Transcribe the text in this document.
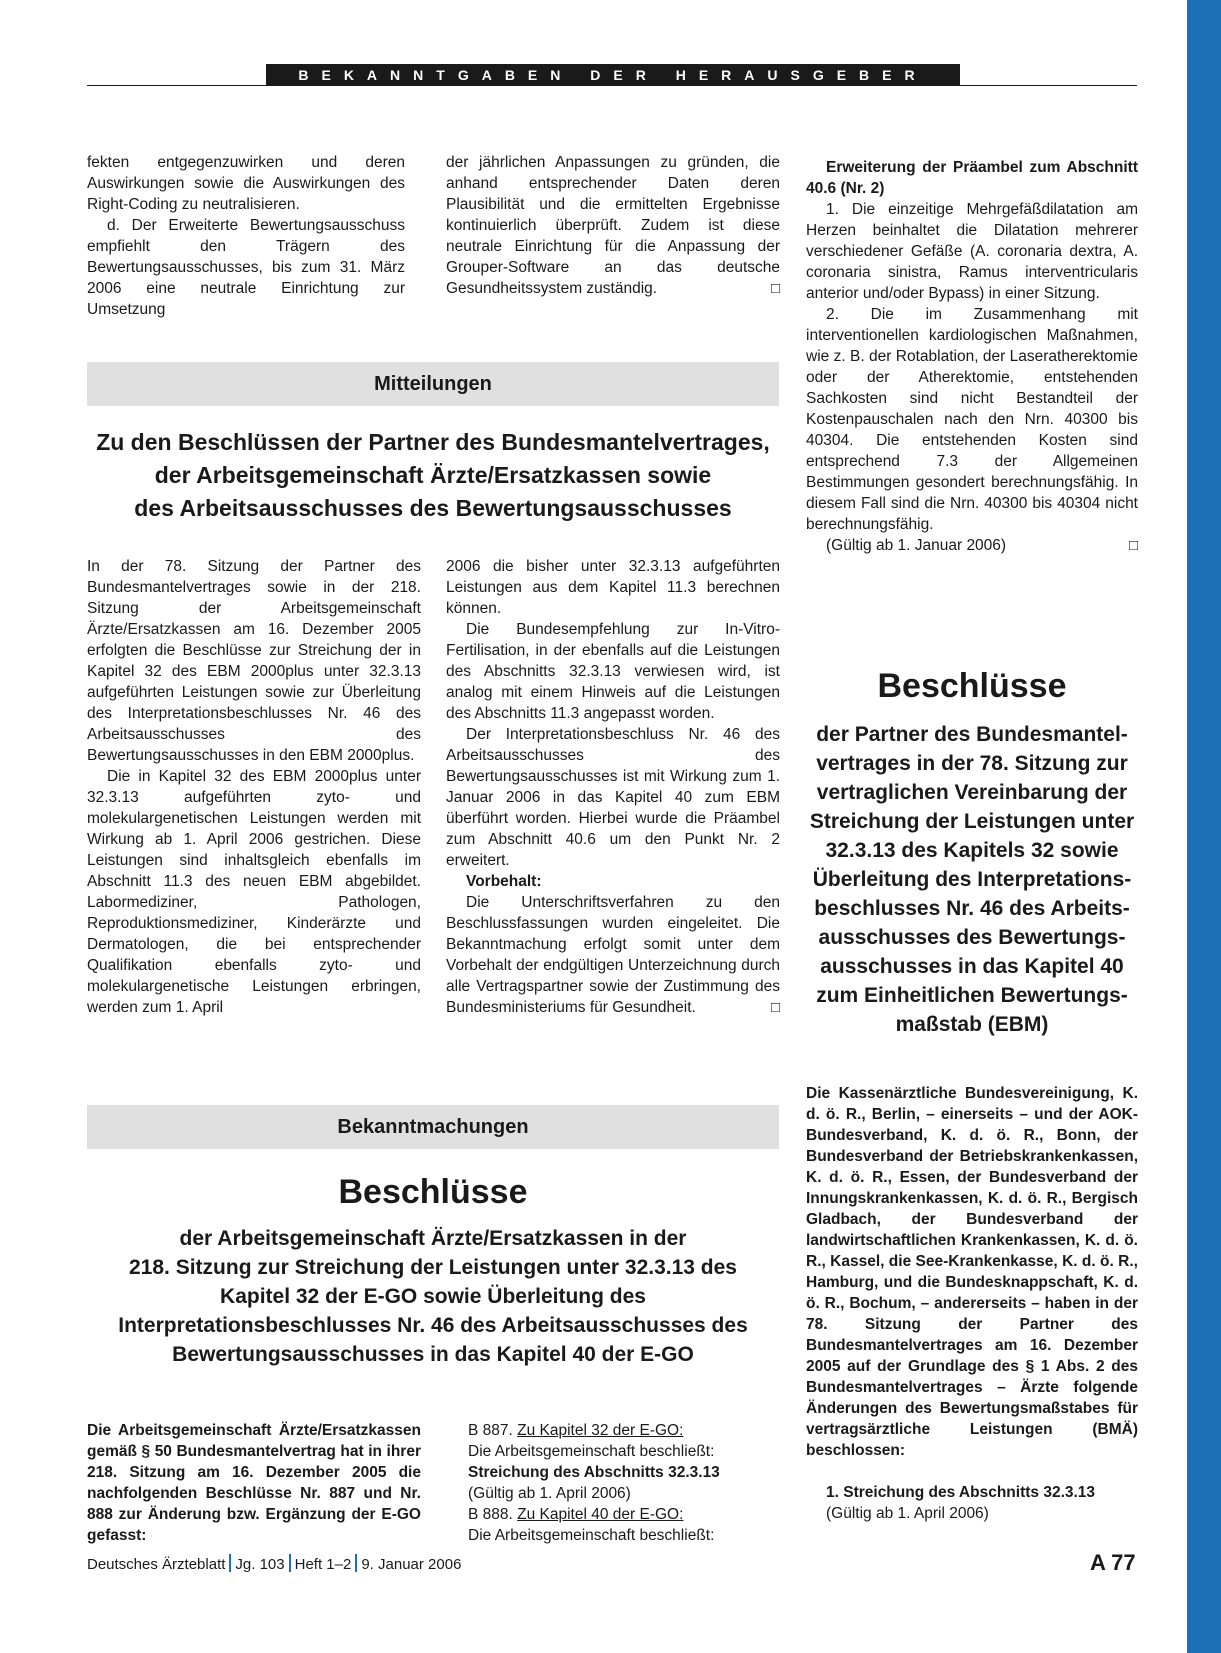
BEKANNTGABEN DER HERAUSGEBER

fekten entgegenzuwirken und deren Auswirkungen sowie die Auswirkungen des Right-Coding zu neutralisieren.

d. Der Erweiterte Bewertungsausschuss empfiehlt den Trägern des Bewertungsausschusses, bis zum 31. März 2006 eine neutrale Einrichtung zur Umsetzung

der jährlichen Anpassungen zu gründen, die anhand entsprechender Daten deren Plausibilität und die ermittelten Ergebnisse kontinuierlich überprüft. Zudem ist diese neutrale Einrichtung für die Anpassung der Grouper-Software an das deutsche Gesundheitssystem zuständig.	□

Mitteilungen
Zu den Beschlüssen der Partner des Bundesmantelvertrages,
der Arbeitsgemeinschaft Ärzte/Ersatzkassen sowie
des Arbeitsausschusses des Bewertungsausschusses

In der 78. Sitzung der Partner des Bundesmantelvertrages sowie in der 218. Sitzung der Arbeitsgemeinschaft Ärzte/Ersatzkassen am 16. Dezember 2005 erfolgten die Beschlüsse zur Streichung der in Kapitel 32 des EBM 2000plus unter 32.3.13 aufgeführten Leistungen sowie zur Überleitung des Interpretationsbeschlusses Nr. 46 des Arbeitsausschusses des Bewertungsausschusses in den EBM 2000plus.

Die in Kapitel 32 des EBM 2000plus unter 32.3.13 aufgeführten zyto- und molekulargenetischen Leistungen werden mit Wirkung ab 1. April 2006 gestrichen. Diese Leistungen sind inhaltsgleich ebenfalls im Abschnitt 11.3 des neuen EBM abgebildet. Labormediziner, Pathologen, Reproduktionsmediziner, Kinderärzte und Dermatologen, die bei entsprechender Qualifikation ebenfalls zyto- und molekulargenetische Leistungen erbringen, werden zum 1. April

2006 die bisher unter 32.3.13 aufgeführten Leistungen aus dem Kapitel 11.3 berechnen können.

Die Bundesempfehlung zur In-Vitro-Fertilisation, in der ebenfalls auf die Leistungen des Abschnitts 32.3.13 verwiesen wird, ist analog mit einem Hinweis auf die Leistungen des Abschnitts 11.3 angepasst worden.

Der Interpretationsbeschluss Nr. 46 des Arbeitsausschusses des Bewertungsausschusses ist mit Wirkung zum 1. Januar 2006 in das Kapitel 40 zum EBM überführt worden. Hierbei wurde die Präambel zum Abschnitt 40.6 um den Punkt Nr. 2 erweitert.

Vorbehalt:

Die Unterschriftsverfahren zu den Beschlussfassungen wurden eingeleitet. Die Bekanntmachung erfolgt somit unter dem Vorbehalt der endgültigen Unterzeichnung durch alle Vertragspartner sowie der Zustimmung des Bundesministeriums für Gesundheit.	□

Erweiterung der Präambel zum Abschnitt 40.6 (Nr. 2)

1. Die einzeitige Mehrgefäßdilatation am Herzen beinhaltet die Dilatation mehrerer verschiedener Gefäße (A. coronaria dextra, A. coronaria sinistra, Ramus interventricularis anterior und/oder Bypass) in einer Sitzung.

2. Die im Zusammenhang mit interventionellen kardiologischen Maßnahmen, wie z. B. der Rotablation, der Laseratherektomie oder der Atherektomie, entstehenden Sachkosten sind nicht Bestandteil der Kostenpauschalen nach den Nrn. 40300 bis 40304. Die entstehenden Kosten sind entsprechend 7.3 der Allgemeinen Bestimmungen gesondert berechnungsfähig. In diesem Fall sind die Nrn. 40300 bis 40304 nicht berechnungsfähig.

(Gültig ab 1. Januar 2006)	□

Beschlüsse
der Partner des Bundesmantel-
vertrages in der 78. Sitzung zur
vertraglichen Vereinbarung der
Streichung der Leistungen unter
32.3.13 des Kapitels 32 sowie
Überleitung des Interpretations-
beschlusses Nr. 46 des Arbeits-
ausschusses des Bewertungs-
ausschusses in das Kapitel 40
zum Einheitlichen Bewertungs-
maßstab (EBM)

Die Kassenärztliche Bundesvereinigung, K. d. ö. R., Berlin, – einerseits – und der AOK-Bundesverband, K. d. ö. R., Bonn, der Bundesverband der Betriebskrankenkassen, K. d. ö. R., Essen, der Bundesverband der Innungskrankenkassen, K. d. ö. R., Bergisch Gladbach, der Bundesverband der landwirtschaftlichen Krankenkassen, K. d. ö. R., Kassel, die See-Krankenkasse, K. d. ö. R., Hamburg, und die Bundesknappschaft, K. d. ö. R., Bochum, – andererseits – haben in der 78. Sitzung der Partner des Bundesmantelvertrages am 16. Dezember 2005 auf der Grundlage des § 1 Abs. 2 des Bundesmantelvertrages – Ärzte folgende Änderungen des Bewertungsmaßstabes für vertragsärztliche Leistungen (BMÄ) beschlossen:

1. Streichung des Abschnitts 32.3.13

(Gültig ab 1. April 2006)

Bekanntmachungen
Beschlüsse
der Arbeitsgemeinschaft Ärzte/Ersatzkassen in der
218. Sitzung zur Streichung der Leistungen unter 32.3.13 des
Kapitel 32 der E-GO sowie Überleitung des
Interpretationsbeschlusses Nr. 46 des Arbeitsausschusses des
Bewertungsausschusses in das Kapitel 40 der E-GO

Die Arbeitsgemeinschaft Ärzte/Ersatzkassen gemäß § 50 Bundesmantelvertrag hat in ihrer 218. Sitzung am 16. Dezember 2005 die nachfolgenden Beschlüsse Nr. 887 und Nr. 888 zur Änderung bzw. Ergänzung der E-GO gefasst:

B 887. Zu Kapitel 32 der E-GO:

Die Arbeitsgemeinschaft beschließt:

Streichung des Abschnitts 32.3.13

(Gültig ab 1. April 2006)

B 888. Zu Kapitel 40 der E-GO:

Die Arbeitsgemeinschaft beschließt:

Deutsches Ärzteblatt Jg. 103 Heft 1–2 9. Januar 2006	A 77
